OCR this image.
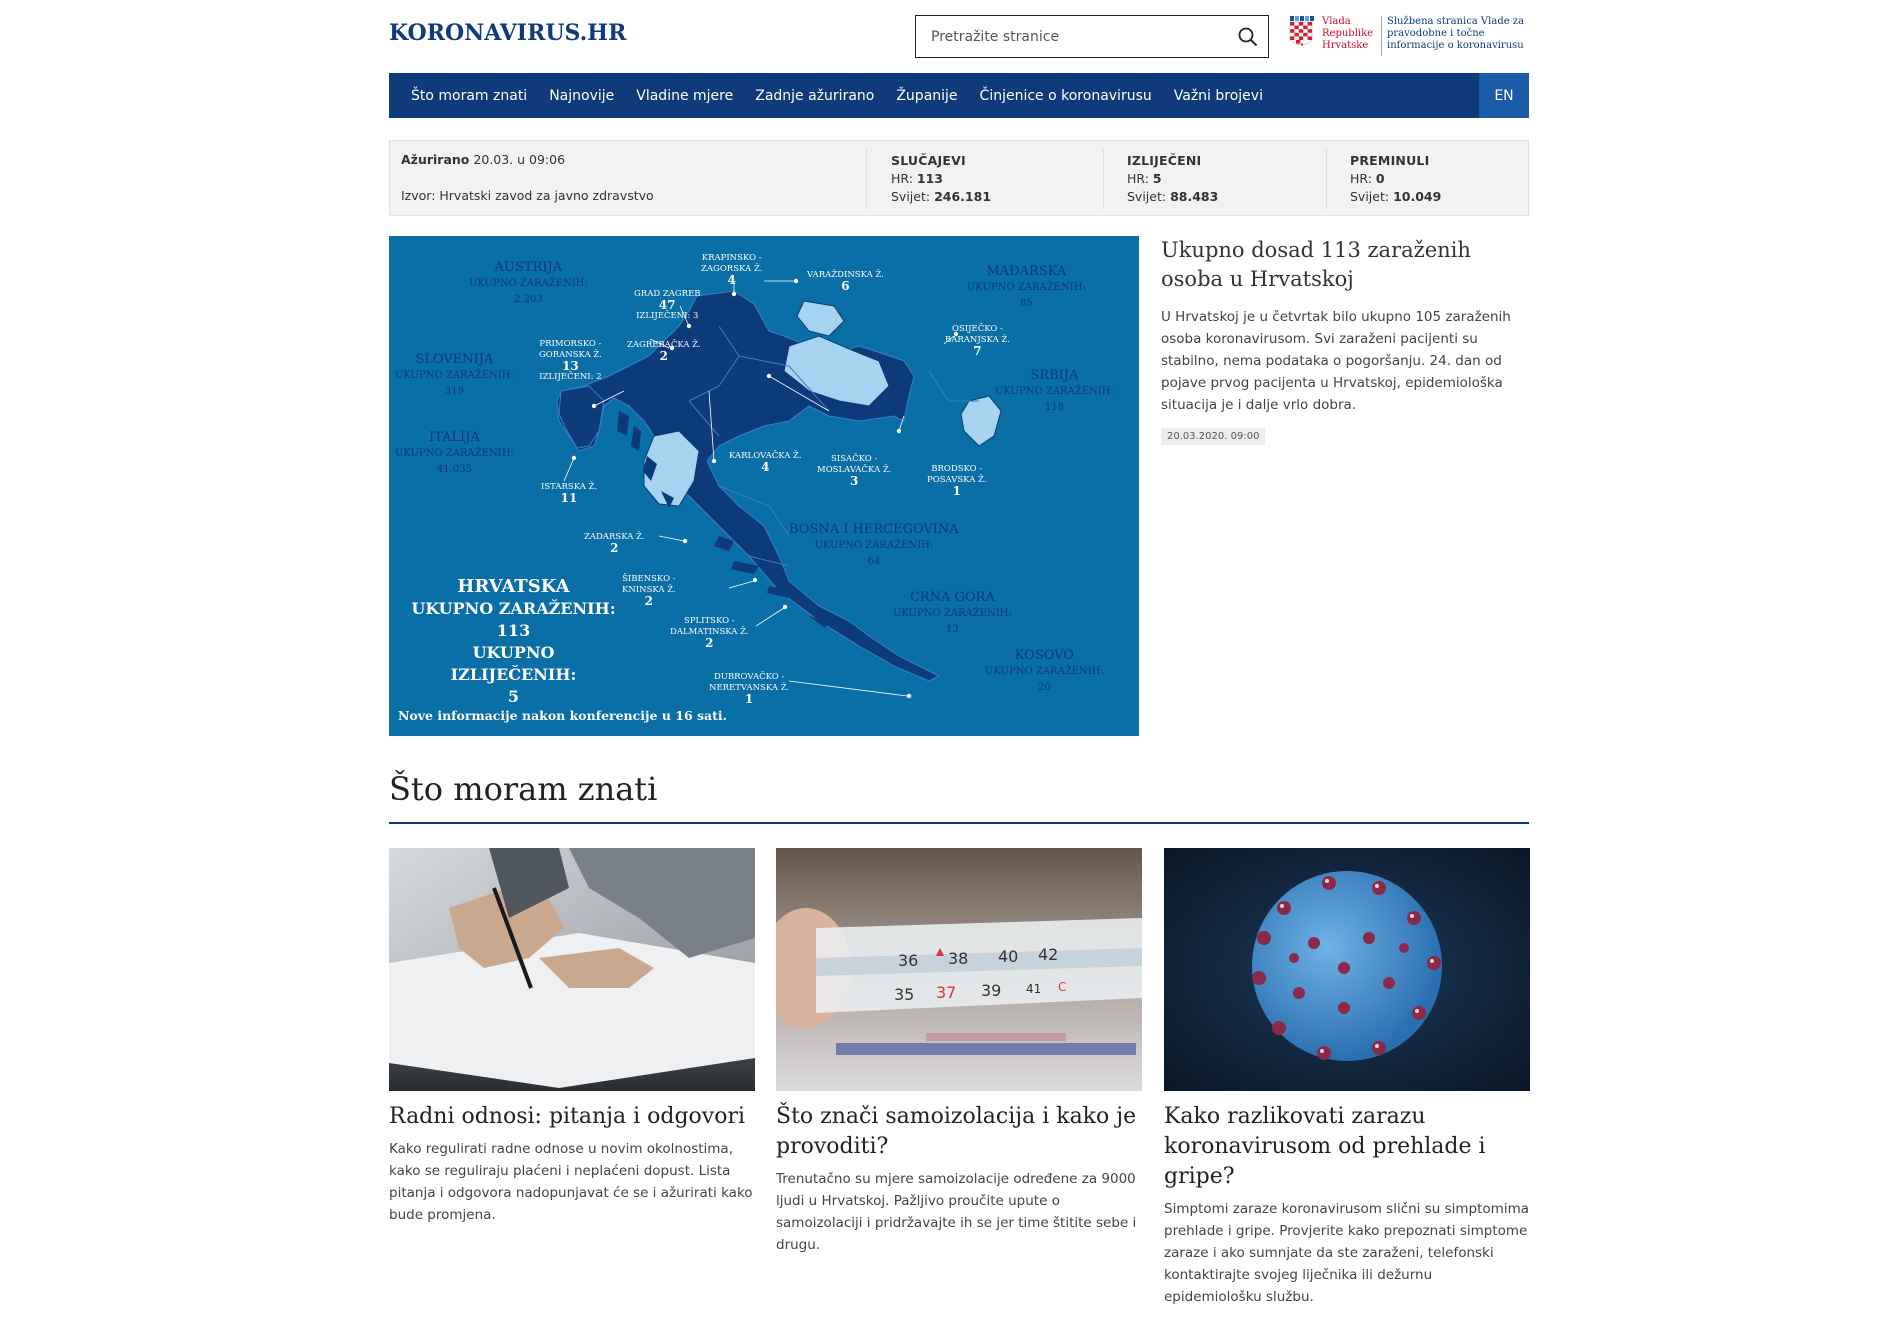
KORONAVIRUS.HR
Pretražite stranice	Vlada Republike Hrvatske
Službena stranica Vlade za pravodobne i točne informacije o koronavirusu
Što moram znati Najnovije Vladine mjere Zadnje ažurirano Županije Činjenice o koronavirusu Važni brojevi	EN
Ažurirano 20.03. u 09:06
Izvor: Hrvatski zavod za javno zdravstvo
SLUČAJEVI
HR: 113
Svijet: 246.181
IZLIJEČENI
HR: 5
Svijet: 88.483
PREMINULI
HR: 0
Svijet: 10.049
AUSTRIJA
UKUPNO ZARAŽENIH:
2.203
SLOVENIJA
UKUPNO ZARAŽENIH:
319
ITALIJA
UKUPNO ZARAŽENIH:
41.035
MAĐARSKA
UKUPNO ZARAŽENIH:
85
SRBIJA
UKUPNO ZARAŽENIH:
118
BOSNA I HERCEGOVINA
UKUPNO ZARAŽENIH:
64
CRNA GORA
UKUPNO ZARAŽENIH:
13
KOSOVO
UKUPNO ZARAŽENIH:
20
KRAPINSKO -
ZAGORSKA Ž.
4	VARAŽDINSKA Ž.
6
GRAD ZAGREB
47
IZLIJEČENI: 3
ZAGREBAČKA Ž.
2
PRIMORSKO -
GORANSKA Ž.
13
IZLIJEČENI: 2
OSIJEČKO -
BARANJSKA Ž.
7
KARLOVAČKA Ž.
4
SISAČKO -
MOSLAVAČKA Ž.
3
BRODSKO -
POSAVSKA Ž.
1
ISTARSKA Ž.
11
ZADARSKA Ž.
2
ŠIBENSKO -
KNINSKA Ž.
2
SPLITSKO -
DALMATINSKA Ž.
2
DUBROVAČKO -
NERETVANSKA Ž.
1
HRVATSKA
UKUPNO ZARAŽENIH:
113
UKUPNO IZLIJEČENIH:
5
Nove informacije nakon konferencije u 16 sati.
Ukupno dosad 113 zaraženih osoba u Hrvatskoj

U Hrvatskoj je u četvrtak bilo ukupno 105 zaraženih osoba koronavirusom. Svi zaraženi pacijenti su stabilno, nema podataka o pogoršanju. 24. dan od pojave prvog pacijenta u Hrvatskoj, epidemiološka situacija je i dalje vrlo dobra.

20.03.2020. 09:00
Što moram znati
Radni odnosi: pitanja i odgovori

Kako regulirati radne odnose u novim okolnostima, kako se reguliraju plaćeni i neplaćeni dopust. Lista pitanja i odgovora nadopunjavat će se i ažurirati kako bude promjena.

36 38 40 42
35 37 39 41 C
Što znači samoizolacija i kako je provoditi?

Trenutačno su mjere samoizolacije određene za 9000 ljudi u Hrvatskoj. Pažljivo proučite upute o samoizolaciji i pridržavajte ih se jer time štitite sebe i drugu.

Kako razlikovati zarazu koronavirusom od prehlade i gripe?

Simptomi zaraze koronavirusom slični su simptomima prehlade i gripe. Provjerite kako prepoznati simptome zaraze i ako sumnjate da ste zaraženi, telefonski kontaktirajte svojeg liječnika ili dežurnu epidemiološku službu.
